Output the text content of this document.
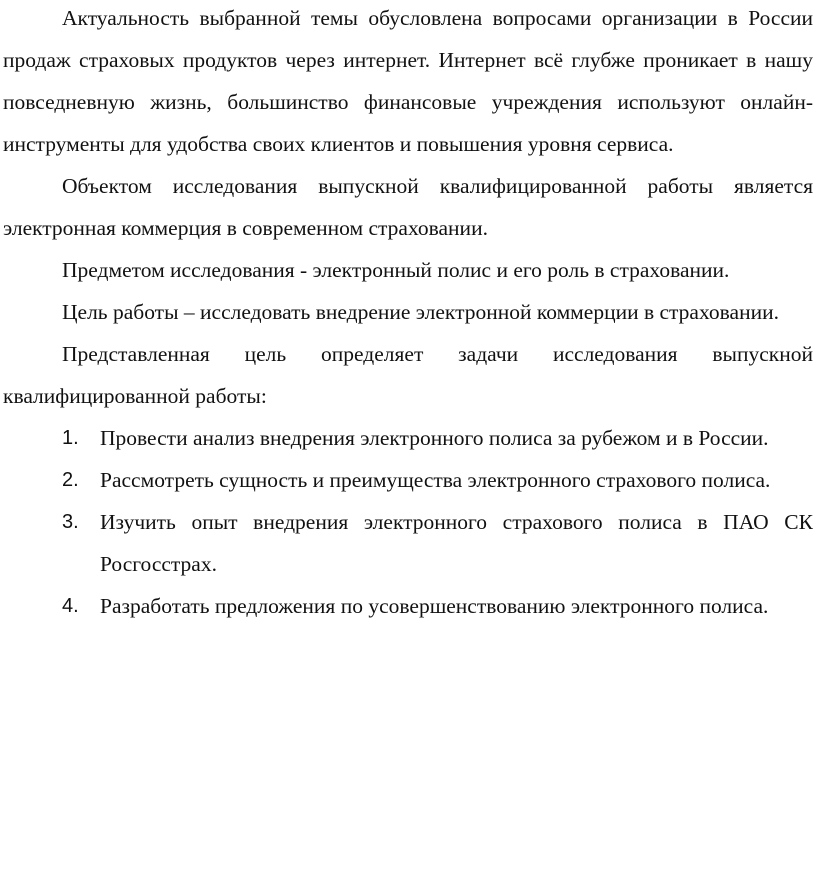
Актуальность выбранной темы обусловлена вопросами организации в России продаж страховых продуктов через интернет. Интернет всё глубже проникает в нашу повседневную жизнь, большинство финансовые учреждения используют онлайн-инструменты для удобства своих клиентов и повышения уровня сервиса.

Объектом исследования выпускной квалифицированной работы является электронная коммерция в современном страховании.

Предметом исследования - электронный полис и его роль в страховании.

Цель работы – исследовать внедрение электронной коммерции в страховании.

Представленная цель определяет задачи исследования выпускной квалифицированной работы:

1. Провести анализ внедрения электронного полиса за рубежом и в России.
2. Рассмотреть сущность и преимущества электронного страхового полиса.
3. Изучить опыт внедрения электронного страхового полиса в ПАО СК Росгосстрах.
4. Разработать предложения по усовершенствованию электронного полиса.
